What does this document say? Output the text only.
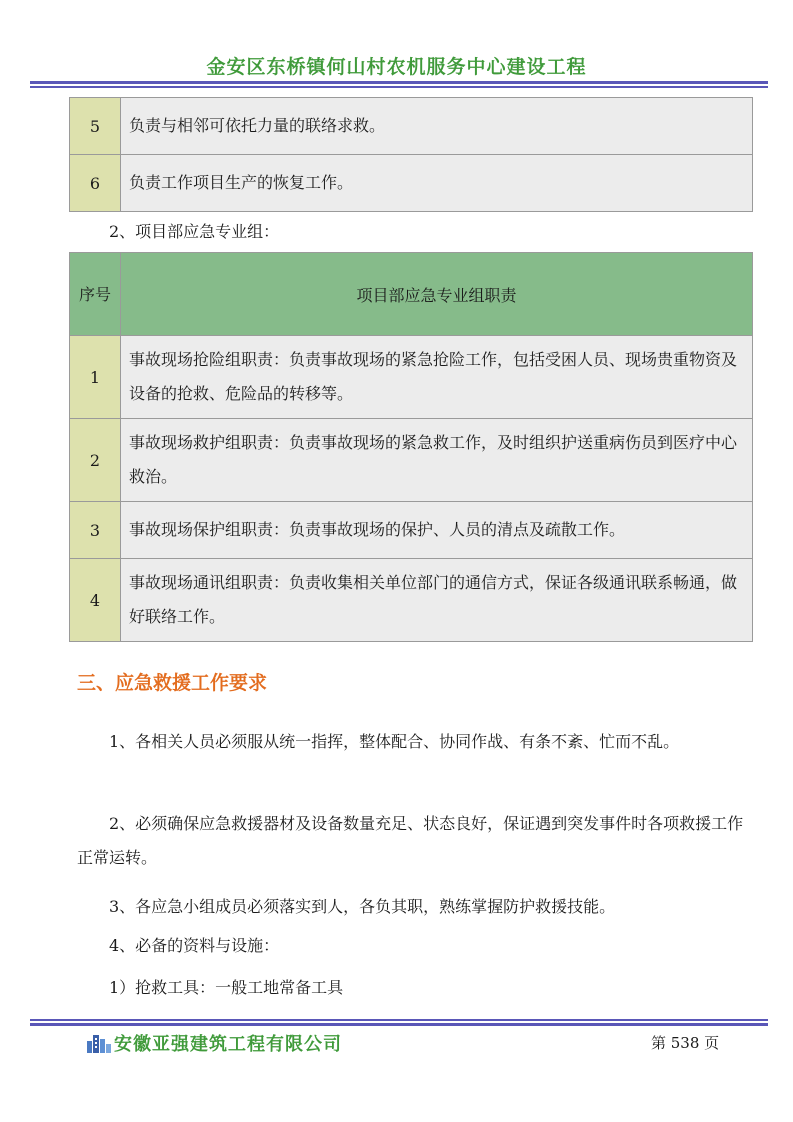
金安区东桥镇何山村农机服务中心建设工程
5	负责与相邻可依托力量的联络求救。
6	负责工作项目生产的恢复工作。
2、项目部应急专业组：
序号	项目部应急专业组职责
1	事故现场抢险组职责：负责事故现场的紧急抢险工作，包括受困人员、现场贵重物资及设备的抢救、危险品的转移等。
2	事故现场救护组职责：负责事故现场的紧急救工作，及时组织护送重病伤员到医疗中心救治。
3	事故现场保护组职责：负责事故现场的保护、人员的清点及疏散工作。
4	事故现场通讯组职责：负责收集相关单位部门的通信方式，保证各级通讯联系畅通，做好联络工作。
三、应急救援工作要求
1、各相关人员必须服从统一指挥，整体配合、协同作战、有条不紊、忙而不乱。
2、必须确保应急救援器材及设备数量充足、状态良好，保证遇到突发事件时各项救援工作正常运转。
3、各应急小组成员必须落实到人，各负其职，熟练掌握防护救援技能。
4、必备的资料与设施：
1）抢救工具：一般工地常备工具
安徽亚强建筑工程有限公司	第 538 页
